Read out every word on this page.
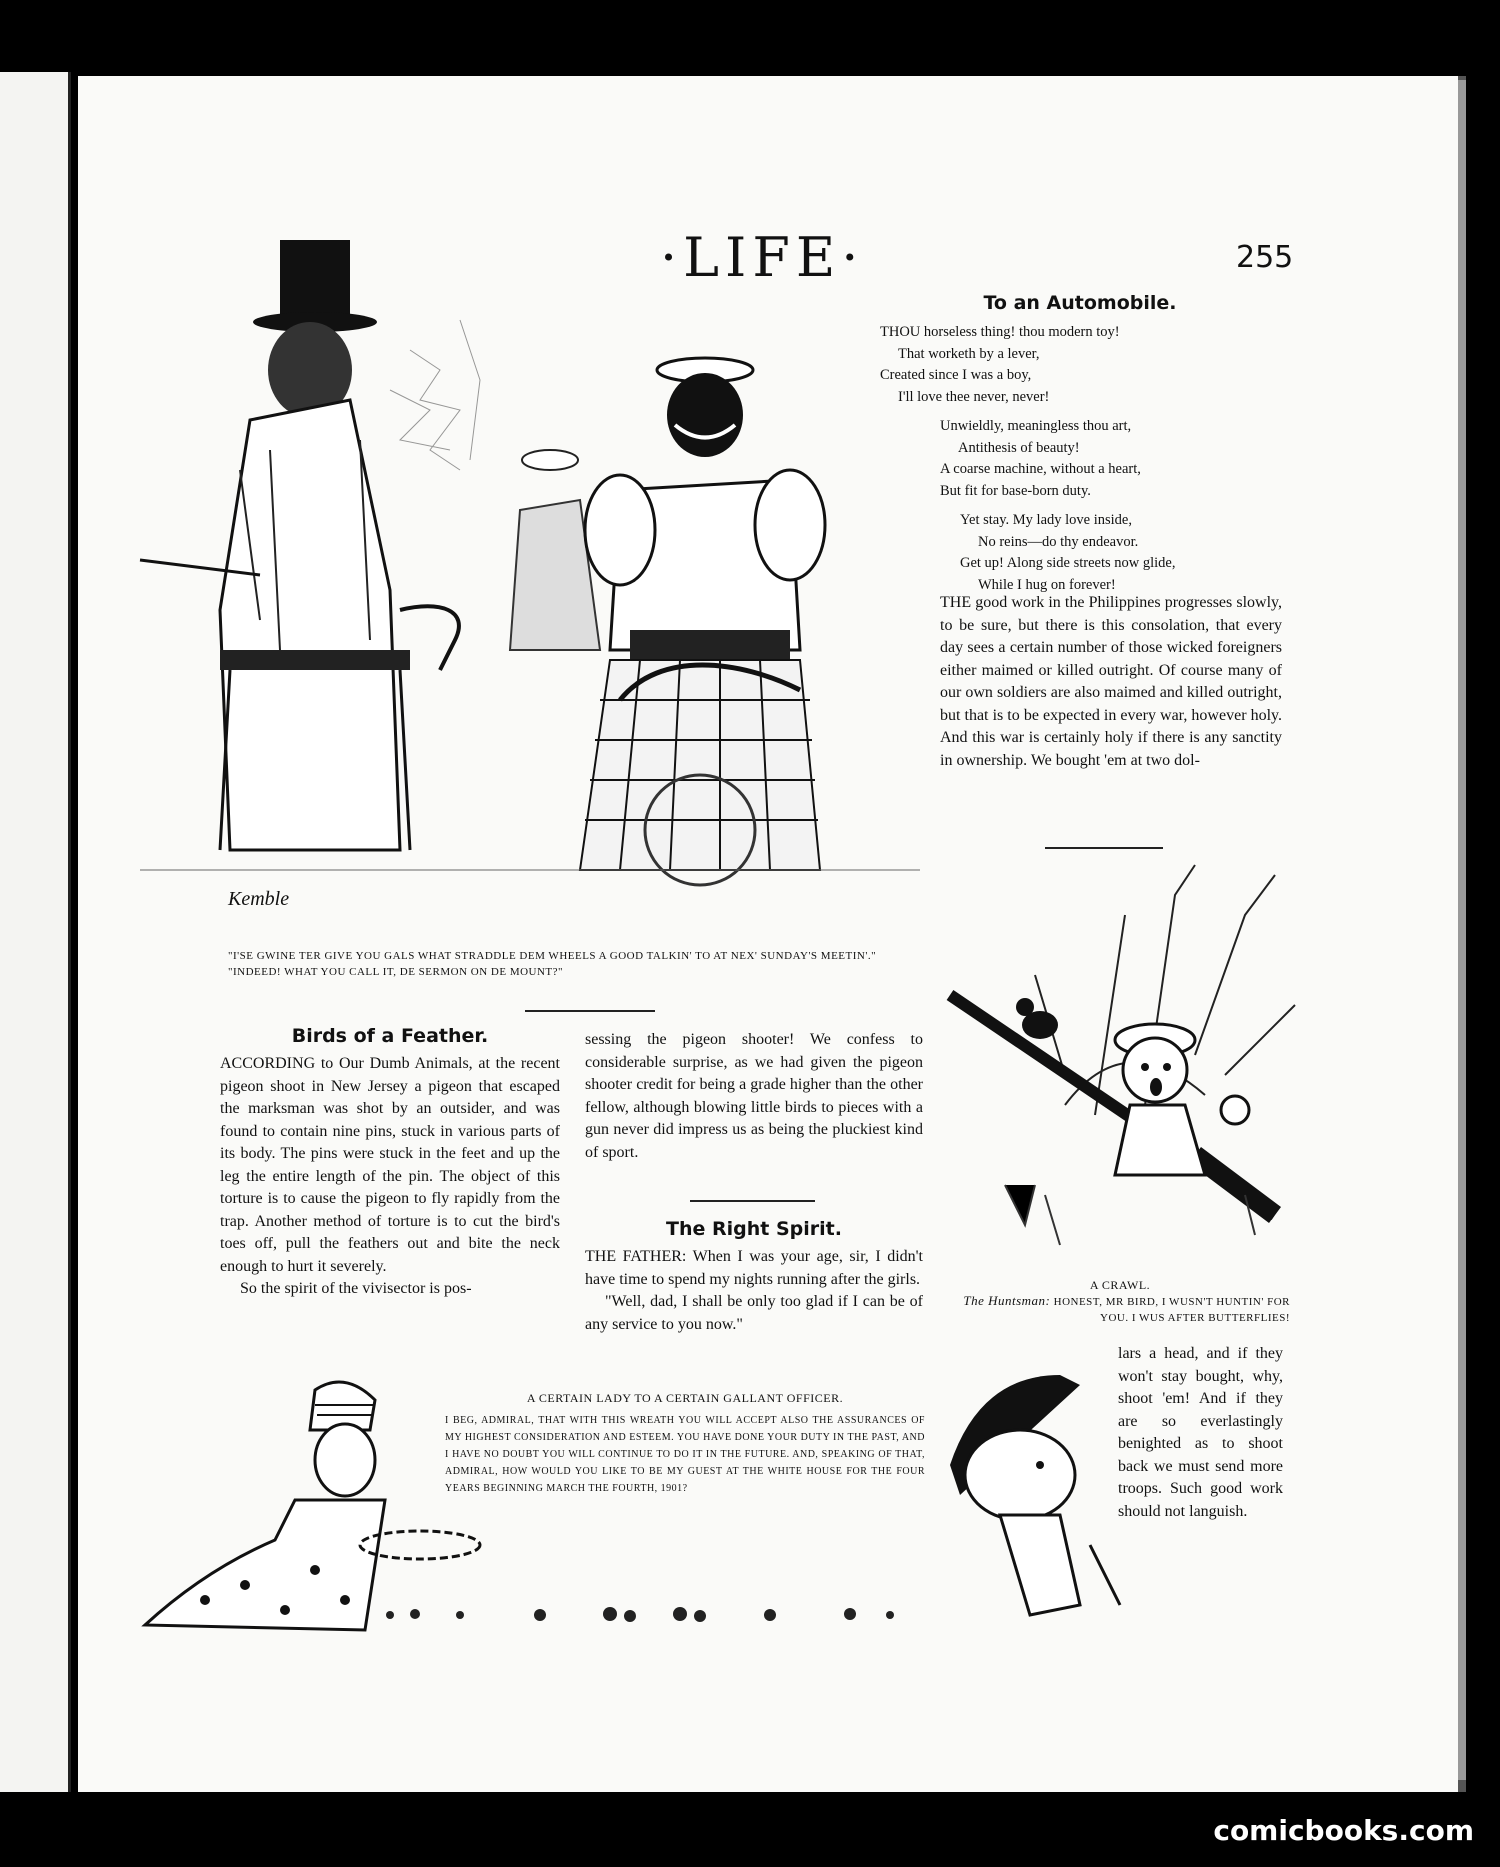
·LIFE·	255
Kemble
"I'SE GWINE TER GIVE YOU GALS WHAT STRADDLE DEM WHEELS A GOOD TALKIN' TO AT NEX' SUNDAY'S MEETIN'."
"INDEED! WHAT YOU CALL IT, DE SERMON ON DE MOUNT?"
To an Automobile.
THOU horseless thing! thou modern toy!
That worketh by a lever,
Created since I was a boy,
I'll love thee never, never!
Unwieldly, meaningless thou art,
Antithesis of beauty!
A coarse machine, without a heart,
But fit for base-born duty.
Yet stay. My lady love inside,
No reins—do thy endeavor.
Get up! Along side streets now glide,
While I hug on forever!
THE good work in the Philippines progresses slowly, to be sure, but there is this consolation, that every day sees a certain number of those wicked foreigners either maimed or killed outright. Of course many of our own soldiers are also maimed and killed outright, but that is to be expected in every war, however holy. And this war is certainly holy if there is any sanctity in ownership. We bought 'em at two dol-
A CRAWL.
The Huntsman: HONEST, MR BIRD, I WUSN'T HUNTIN' FOR YOU. I WUS AFTER BUTTERFLIES!
Birds of a Feather.
ACCORDING to Our Dumb Animals, at the recent pigeon shoot in New Jersey a pigeon that escaped the marksman was shot by an outsider, and was found to contain nine pins, stuck in various parts of its body. The pins were stuck in the feet and up the leg the entire length of the pin. The object of this torture is to cause the pigeon to fly rapidly from the trap. Another method of torture is to cut the bird's toes off, pull the feathers out and bite the neck enough to hurt it severely.
So the spirit of the vivisector is pos-
sessing the pigeon shooter! We confess to considerable surprise, as we had given the pigeon shooter credit for being a grade higher than the other fellow, although blowing little birds to pieces with a gun never did impress us as being the pluckiest kind of sport.
The Right Spirit.
THE FATHER: When I was your age, sir, I didn't have time to spend my nights running after the girls.
"Well, dad, I shall be only too glad if I can be of any service to you now."
A CERTAIN LADY TO A CERTAIN GALLANT OFFICER.
I BEG, ADMIRAL, THAT WITH THIS WREATH YOU WILL ACCEPT ALSO THE ASSURANCES OF MY HIGHEST CONSIDERATION AND ESTEEM. YOU HAVE DONE YOUR DUTY IN THE PAST, AND I HAVE NO DOUBT YOU WILL CONTINUE TO DO IT IN THE FUTURE. AND, SPEAKING OF THAT, ADMIRAL, HOW WOULD YOU LIKE TO BE MY GUEST AT THE WHITE HOUSE FOR THE FOUR YEARS BEGINNING MARCH THE FOURTH, 1901?
lars a head, and if they won't stay bought, why, shoot 'em! And if they are so everlastingly benighted as to shoot back we must send more troops. Such good work should not languish.
comicbooks.com
